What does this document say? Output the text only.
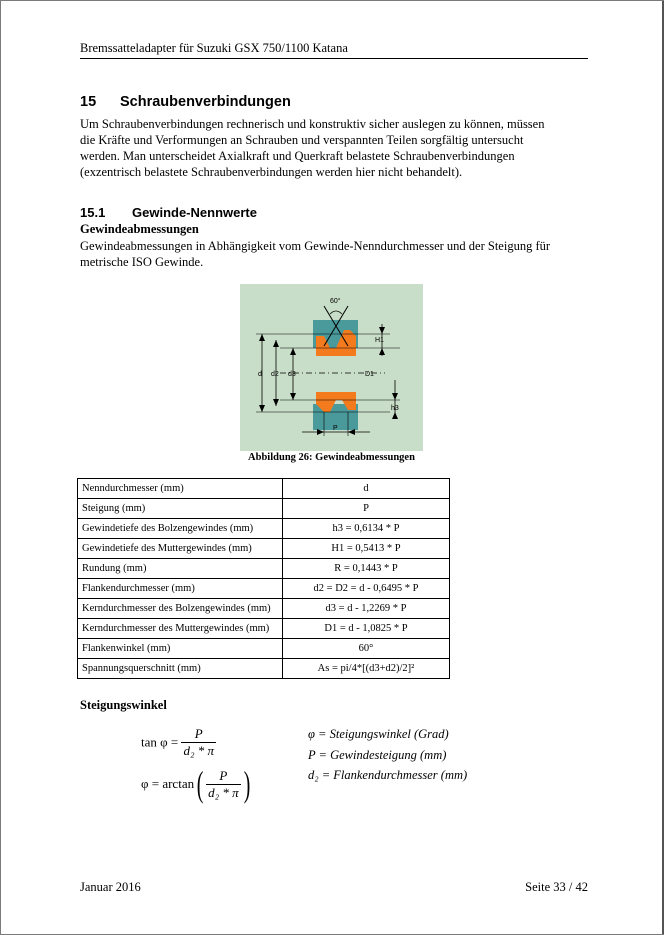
Bremssatteladapter für Suzuki GSX 750/1100 Katana
15 Schraubenverbindungen
Um Schraubenverbindungen rechnerisch und konstruktiv sicher auslegen zu können, müssen
die Kräfte und Verformungen an Schrauben und verspannten Teilen sorgfältig untersucht
werden. Man unterscheidet Axialkraft und Querkraft belastete Schraubenverbindungen
(exzentrisch belastete Schraubenverbindungen werden hier nicht behandelt).
15.1 Gewinde-Nennwerte
Gewindeabmessungen
Gewindeabmessungen in Abhängigkeit vom Gewinde-Nenndurchmesser und der Steigung für
metrische ISO Gewinde.
60°
H1
d d2 d3	D1
h3
P
Abbildung 26: Gewindeabmessungen
Nenndurchmesser (mm)	d
Steigung (mm)	P
Gewindetiefe des Bolzengewindes (mm)	h3 = 0,6134 * P
Gewindetiefe des Muttergewindes (mm)	H1 = 0,5413 * P
Rundung (mm)	R = 0,1443 * P
Flankendurchmesser (mm)	d2 = D2 = d - 0,6495 * P
Kerndurchmesser des Bolzengewindes (mm)	d3 = d - 1,2269 * P
Kerndurchmesser des Muttergewindes (mm)	D1 = d - 1,0825 * P
Flankenwinkel (mm)	60°
Spannungsquerschnitt (mm)	As = pi/4*[(d3+d2)/2]²
Steigungswinkel
$\tan \varphi = \frac{P}{\text{d₂ * π}}$
$\varphi = \arctan( \frac{P}{\text{d₂ * π}}$ )
φ = Steigungswinkel (Grad)
P = Gewindesteigung (mm)
d₂ = Flankendurchmesser (mm)
Januar 2016	Seite 33 / 42
